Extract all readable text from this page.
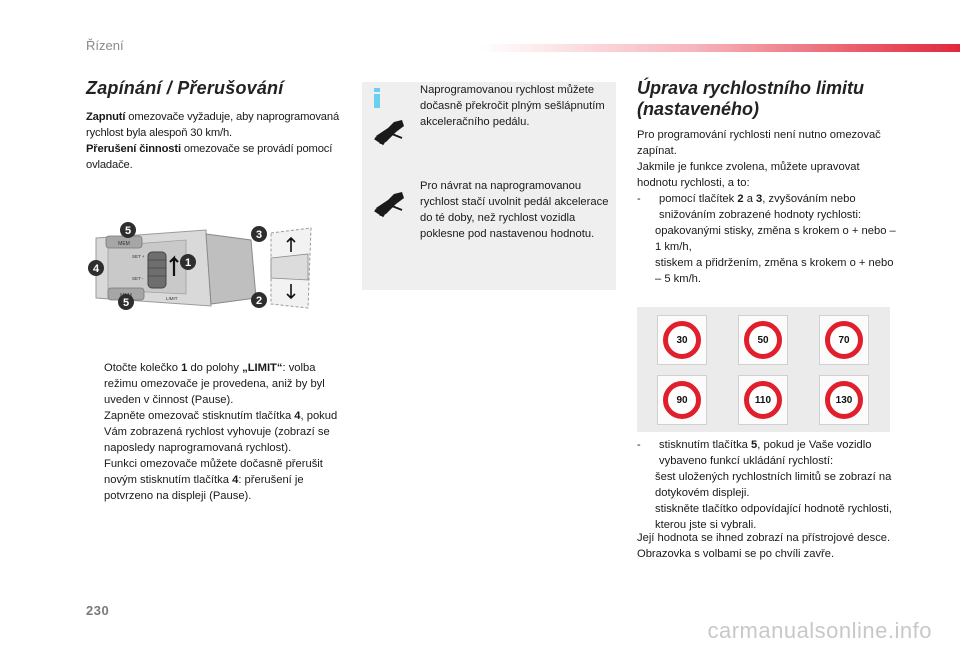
Řízení
Zapínání / Přerušování
Zapnutí omezovače vyžaduje, aby naprogramovaná rychlost byla alespoň 30 km/h.
Přerušení činnosti omezovače se provádí pomocí ovladače.
MEM
SET +
SET -
LIMIT
5
4	1
5
3
2
Otočte kolečko 1 do polohy „LIMIT“: volba režimu omezovače je provedena, aniž by byl uveden v činnost (Pause).
Zapněte omezovač stisknutím tlačítka 4, pokud Vám zobrazená rychlost vyhovuje (zobrazí se naposledy naprogramovaná rychlost).
Funkci omezovače můžete dočasně přerušit novým stisknutím tlačítka 4: přerušení je potvrzeno na displeji (Pause).
Naprogramovanou rychlost můžete dočasně překročit plným sešlápnutím akceleračního pedálu.
Pro návrat na naprogramovanou rychlost stačí uvolnit pedál akcelerace do té doby, než rychlost vozidla poklesne pod nastavenou hodnotu.
Úprava rychlostního limitu (nastaveného)
Pro programování rychlosti není nutno omezovač zapínat.
Jakmile je funkce zvolena, můžete upravovat hodnotu rychlosti, a to:
- pomocí tlačítek 2 a 3, zvyšováním nebo snižováním zobrazené hodnoty rychlosti:
opakovanými stisky, změna s krokem o + nebo – 1 km/h,
stiskem a přidržením, změna s krokem o + nebo – 5 km/h.
30	50	70
90	110	130
- stisknutím tlačítka 5, pokud je Vaše vozidlo vybaveno funkcí ukládání rychlostí:
šest uložených rychlostních limitů se zobrazí na dotykovém displeji.
stiskněte tlačítko odpovídající hodnotě rychlosti, kterou jste si vybrali.
Její hodnota se ihned zobrazí na přístrojové desce.
Obrazovka s volbami se po chvíli zavře.
230
carmanualsonline.info
